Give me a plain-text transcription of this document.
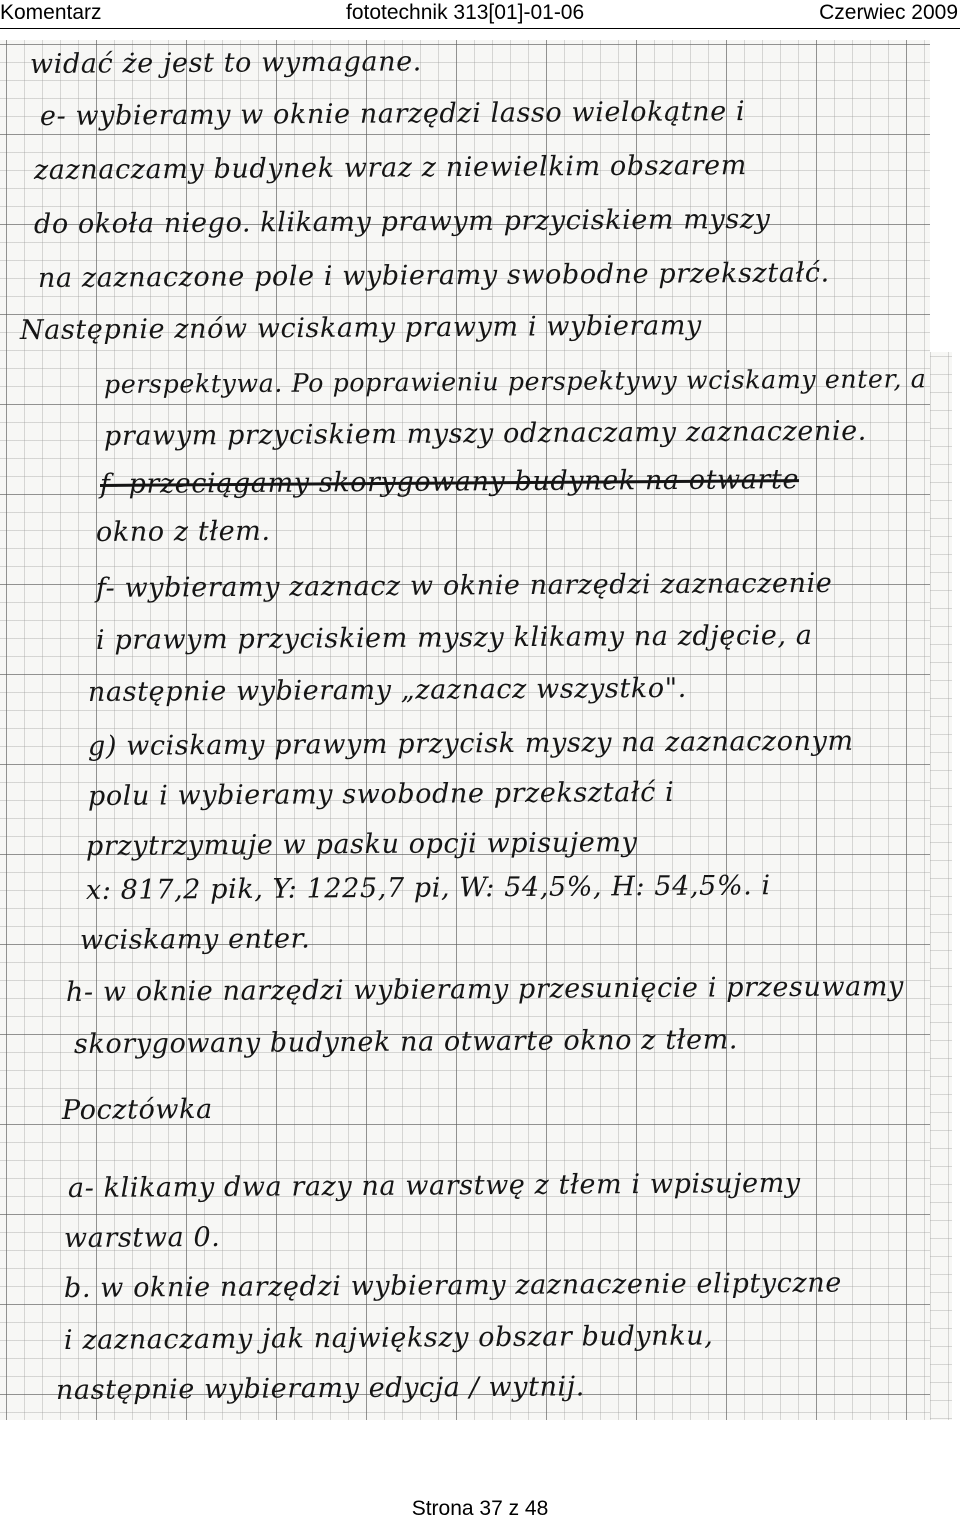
Komentarz	fototechnik 313[01]-01-06	Czerwiec 2009
widać że jest to wymagane.
e- wybieramy w oknie narzędzi lasso wielokątne i
zaznaczamy budynek wraz z niewielkim obszarem
do okoła niego. klikamy prawym przyciskiem myszy
na zaznaczone pole i wybieramy swobodne przekształć.
Następnie znów wciskamy prawym i wybieramy
perspektywa. Po poprawieniu perspektywy wciskamy enter, a
prawym przyciskiem myszy odznaczamy zaznaczenie.
f- przeciągamy skorygowany budynek na otwarte
okno z tłem.
f- wybieramy zaznacz w oknie narzędzi zaznaczenie
i prawym przyciskiem myszy klikamy na zdjęcie, a
następnie wybieramy „zaznacz wszystko".
g) wciskamy prawym przycisk myszy na zaznaczonym
polu i wybieramy swobodne przekształć i
przytrzymuje w pasku opcji wpisujemy
x: 817,2 pik, Y: 1225,7 pi, W: 54,5%, H: 54,5%. i
wciskamy enter.
h- w oknie narzędzi wybieramy przesunięcie i przesuwamy
skorygowany budynek na otwarte okno z tłem.
Pocztówka
a- klikamy dwa razy na warstwę z tłem i wpisujemy
warstwa 0.
b. w oknie narzędzi wybieramy zaznaczenie eliptyczne
i zaznaczamy jak największy obszar budynku,
następnie wybieramy edycja / wytnij.
Strona 37 z 48
